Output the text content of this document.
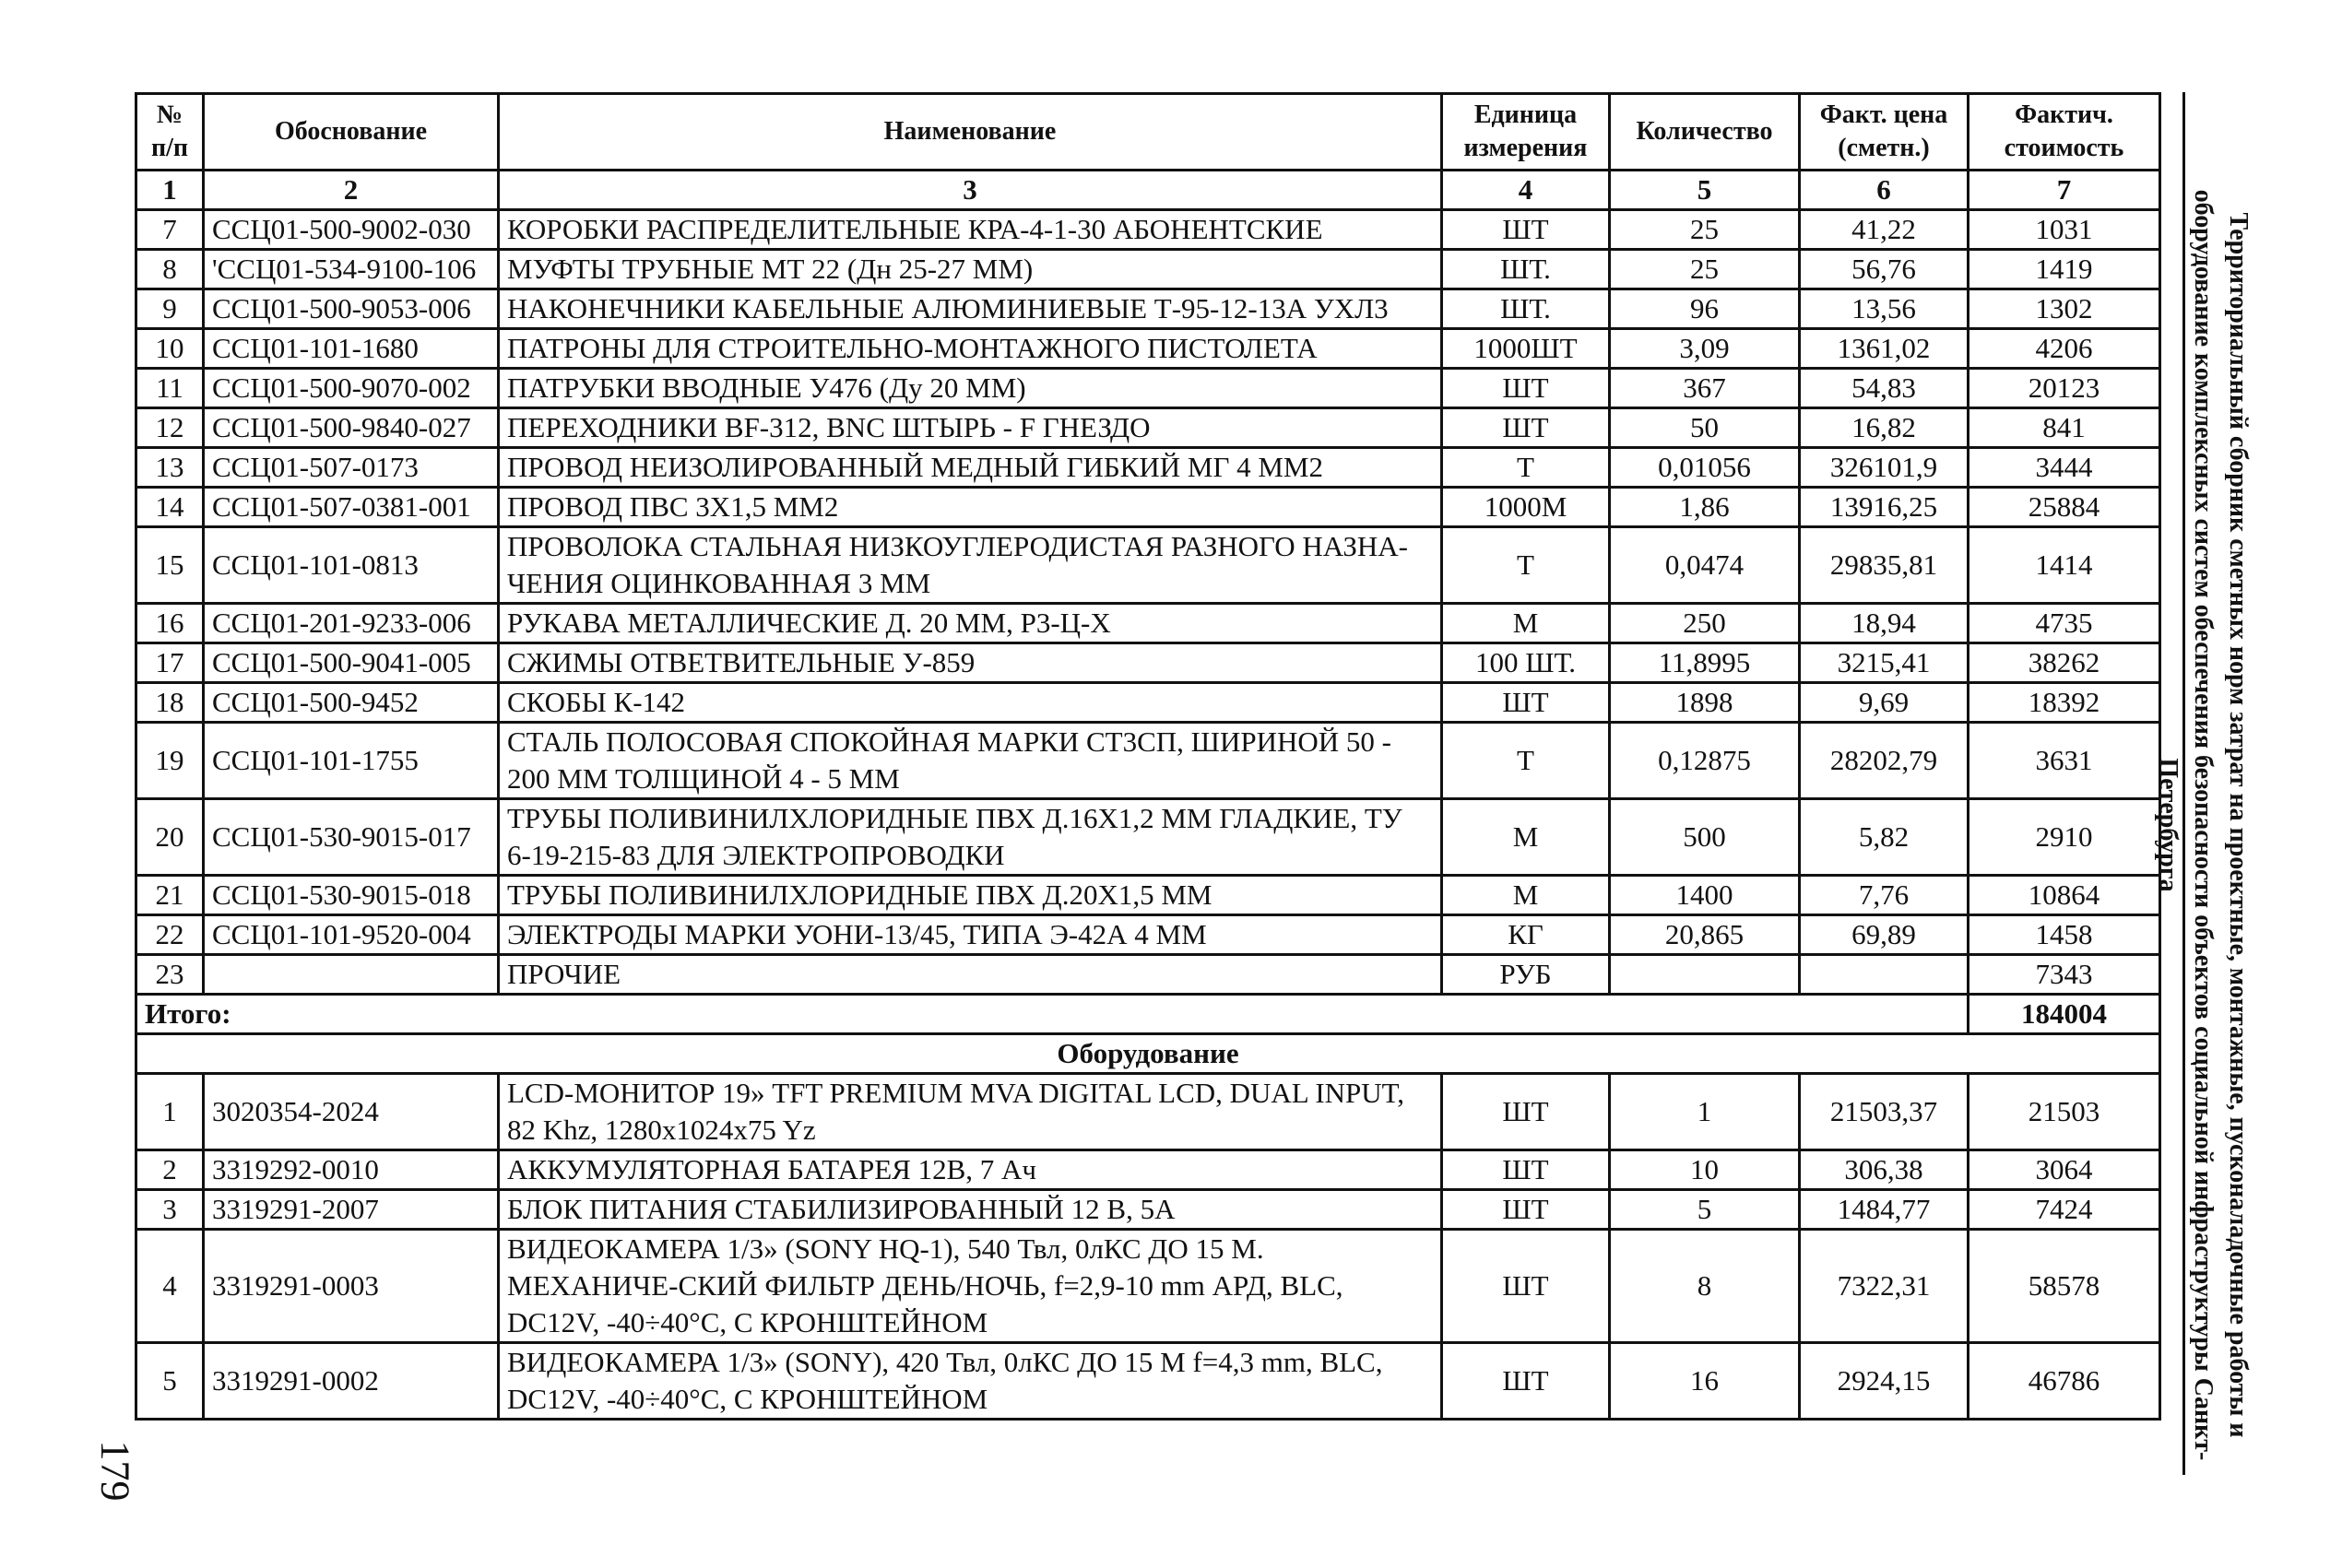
№ п/п	Обоснование	Наименование	Единица измерения	Количество	Факт. цена (сметн.)	Фактич. стоимость
1	2	3	4	5	6	7
7	ССЦ01-500-9002-030	КОРОБКИ РАСПРЕДЕЛИТЕЛЬНЫЕ КРА-4-1-30 АБОНЕНТСКИЕ	ШТ	25	41,22	1031
8	'ССЦ01-534-9100-106	МУФТЫ ТРУБНЫЕ МТ 22 (Дн 25-27 ММ)	ШТ.	25	56,76	1419
9	ССЦ01-500-9053-006	НАКОНЕЧНИКИ КАБЕЛЬНЫЕ АЛЮМИНИЕВЫЕ Т-95-12-13А УХЛ3	ШТ.	96	13,56	1302
10	ССЦ01-101-1680	ПАТРОНЫ ДЛЯ СТРОИТЕЛЬНО-МОНТАЖНОГО ПИСТОЛЕТА	1000ШТ	3,09	1361,02	4206
11	ССЦ01-500-9070-002	ПАТРУБКИ ВВОДНЫЕ У476 (Ду 20 ММ)	ШТ	367	54,83	20123
12	ССЦ01-500-9840-027	ПЕРЕХОДНИКИ BF-312, BNC ШТЫРЬ - F ГНЕЗДО	ШТ	50	16,82	841
13	ССЦ01-507-0173	ПРОВОД НЕИЗОЛИРОВАННЫЙ МЕДНЫЙ ГИБКИЙ МГ 4 ММ2	Т	0,01056	326101,9	3444
14	ССЦ01-507-0381-001	ПРОВОД ПВС 3Х1,5 ММ2	1000М	1,86	13916,25	25884
15	ССЦ01-101-0813	ПРОВОЛОКА СТАЛЬНАЯ НИЗКОУГЛЕРОДИСТАЯ РАЗНОГО НАЗНА-ЧЕНИЯ ОЦИНКОВАННАЯ 3 ММ	Т	0,0474	29835,81	1414
16	ССЦ01-201-9233-006	РУКАВА МЕТАЛЛИЧЕСКИЕ Д. 20 ММ, Р3-Ц-Х	М	250	18,94	4735
17	ССЦ01-500-9041-005	СЖИМЫ ОТВЕТВИТЕЛЬНЫЕ У-859	100 ШТ.	11,8995	3215,41	38262
18	ССЦ01-500-9452	СКОБЫ К-142	ШТ	1898	9,69	18392
19	ССЦ01-101-1755	СТАЛЬ ПОЛОСОВАЯ СПОКОЙНАЯ МАРКИ СТ3СП, ШИРИНОЙ 50 - 200 ММ ТОЛЩИНОЙ 4 - 5 ММ	Т	0,12875	28202,79	3631
20	ССЦ01-530-9015-017	ТРУБЫ ПОЛИВИНИЛХЛОРИДНЫЕ ПВХ Д.16Х1,2 ММ ГЛАДКИЕ, ТУ 6-19-215-83 ДЛЯ ЭЛЕКТРОПРОВОДКИ	М	500	5,82	2910
21	ССЦ01-530-9015-018	ТРУБЫ ПОЛИВИНИЛХЛОРИДНЫЕ ПВХ Д.20Х1,5 ММ	М	1400	7,76	10864
22	ССЦ01-101-9520-004	ЭЛЕКТРОДЫ МАРКИ УОНИ-13/45, ТИПА Э-42А 4 ММ	КГ	20,865	69,89	1458
23		ПРОЧИЕ	РУБ			7343
Итого:						184004
Оборудование						
1	3020354-2024	LCD-МОНИТОР 19» TFT PREMIUM MVA DIGITAL LCD, DUAL INPUT, 82 Khz, 1280x1024x75 Yz	ШТ	1	21503,37	21503
2	3319292-0010	АККУМУЛЯТОРНАЯ БАТАРЕЯ 12В, 7 Ач	ШТ	10	306,38	3064
3	3319291-2007	БЛОК ПИТАНИЯ СТАБИЛИЗИРОВАННЫЙ 12 В, 5А	ШТ	5	1484,77	7424
4	3319291-0003	ВИДЕОКАМЕРА 1/3» (SONY HQ-1), 540 Твл, 0лКС ДО 15 М. МЕХАНИЧЕ-СКИЙ ФИЛЬТР ДЕНЬ/НОЧЬ, f=2,9-10 mm АРД, BLC, DC12V, -40÷40°С, С КРОНШТЕЙНОМ	ШТ	8	7322,31	58578
5	3319291-0002	ВИДЕОКАМЕРА 1/3» (SONY), 420 Твл, 0лКС ДО 15 М f=4,3 mm, BLC, DC12V, -40÷40°С, С КРОНШТЕЙНОМ	ШТ	16	2924,15	46786	Территориальный сборник сметных норм затрат на проектные, монтажные, пусконаладочные работы и оборудование комплексных систем обеспечения безопасности объектов социальной инфраструктуры Санкт-Петербурга
179
